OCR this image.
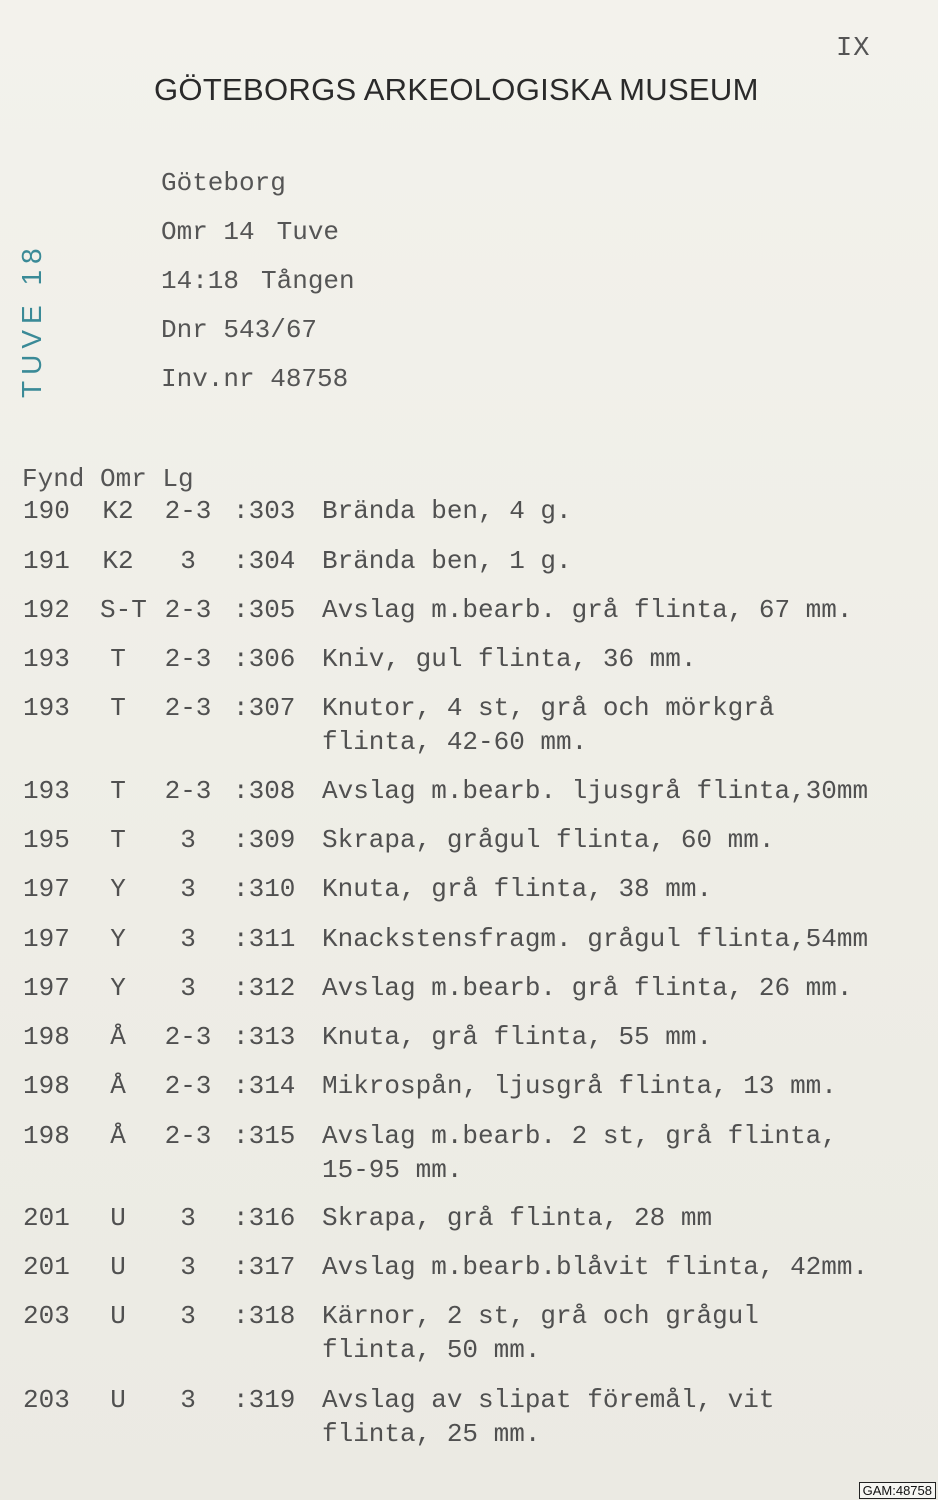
IX
GÖTEBORGS ARKEOLOGISKA MUSEUM
TUVE 18
Göteborg
Omr 14 Tuve
14:18 Tången
Dnr 543/67
Inv.nr 48758
Fynd Omr Lg
190 K2 2-3 :303 Brända ben, 4 g.
191 K2	3	:304 Brända ben, 1 g.
192 S-T 2-3 :305 Avslag m.bearb. grå flinta, 67 mm.
193	T	2-3 :306 Kniv, gul flinta, 36 mm.
193	T	2-3 :307 Knutor, 4 st, grå och mörkgrå
flinta, 42-60 mm.
193	T	2-3 :308 Avslag m.bearb. ljusgrå flinta,30mm
195	T	3	:309 Skrapa, grågul flinta, 60 mm.
197	Y	3	:310 Knuta, grå flinta, 38 mm.
197	Y	3	:311 Knackstensfragm. grågul flinta,54mm
197	Y	3	:312 Avslag m.bearb. grå flinta, 26 mm.
198	Å	2-3 :313 Knuta, grå flinta, 55 mm.
198	Å	2-3 :314 Mikrospån, ljusgrå flinta, 13 mm.
198	Å	2-3 :315 Avslag m.bearb. 2 st, grå flinta,
15-95 mm.
201	U	3	:316 Skrapa, grå flinta, 28 mm
201	U	3	:317 Avslag m.bearb.blåvit flinta, 42mm.
203	U	3	:318 Kärnor, 2 st, grå och grågul
flinta, 50 mm.
203	U	3	:319 Avslag av slipat föremål, vit
flinta, 25 mm.
GAM:48758
